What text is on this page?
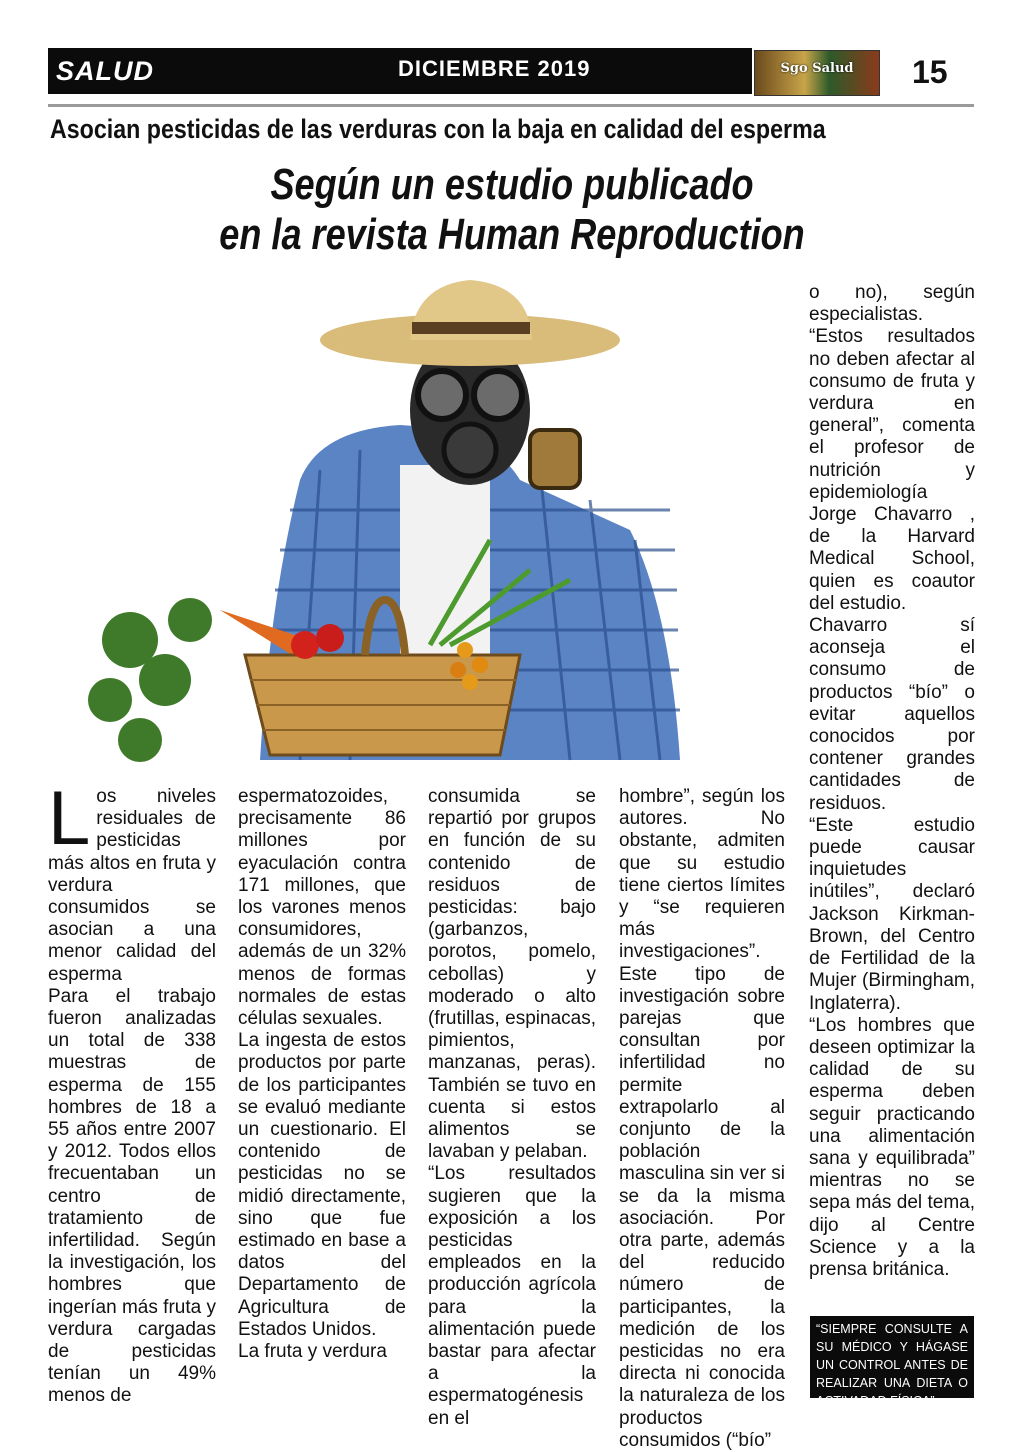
SALUD	DICIEMBRE 2019	Sgo Salud	15
Asocian pesticidas de las verduras con la baja en calidad del esperma
Según un estudio publicado
en la revista Human Reproduction

Los niveles residuales de pesticidas más altos en fruta y verdura consumidos se asocian a una menor calidad del esperma

Para el trabajo fueron analizadas un total de 338 muestras de esperma de 155 hombres de 18 a 55 años entre 2007 y 2012. Todos ellos frecuentaban un centro de tratamiento de infertilidad. Según la investigación, los hombres que ingerían más fruta y verdura cargadas de pesticidas tenían un 49% menos de

espermatozoides, precisamente 86 millones por eyaculación contra 171 millones, que los varones menos consumidores, además de un 32% menos de formas normales de estas células sexuales.

La ingesta de estos productos por parte de los participantes se evaluó mediante un cuestionario. El contenido de pesticidas no se midió directamente, sino que fue estimado en base a datos del Departamento de Agricultura de Estados Unidos.

La fruta y verdura

consumida se repartió por grupos en función de su contenido de residuos de pesticidas: bajo (garbanzos, porotos, pomelo, cebollas) y moderado o alto (frutillas, espinacas, pimientos, manzanas, peras). También se tuvo en cuenta si estos alimentos se lavaban y pelaban.

“Los resultados sugieren que la exposición a los pesticidas empleados en la producción agrícola para la alimentación puede bastar para afectar a la espermatogénesis en el

hombre”, según los autores. No obstante, admiten que su estudio tiene ciertos límites y “se requieren más investigaciones”.

Este tipo de investigación sobre parejas que consultan por infertilidad no permite extrapolarlo al conjunto de la población masculina sin ver si se da la misma asociación. Por otra parte, además del reducido número de participantes, la medición de los pesticidas no era directa ni conocida la naturaleza de los productos consumidos (“bío”

o no), según especialistas.

“Estos resultados no deben afectar al consumo de fruta y verdura en general”, comenta el profesor de nutrición y epidemiología Jorge Chavarro , de la Harvard Medical School, quien es coautor del estudio.

Chavarro sí aconseja el consumo de productos “bío” o evitar aquellos conocidos por contener grandes cantidades de residuos.

“Este estudio puede causar inquietudes inútiles”, declaró Jackson Kirkman-Brown, del Centro de Fertilidad de la Mujer (Birmingham, Inglaterra).

“Los hombres que deseen optimizar la calidad de su esperma deben seguir practicando una alimentación sana y equilibrada” mientras no se sepa más del tema, dijo al Centre Science y a la prensa británica.

“SIEMPRE CONSULTE A SU MÉDICO Y HÁGASE UN CONTROL ANTES DE REALIZAR UNA DIETA O ACTIVADAD FÍSICA”
